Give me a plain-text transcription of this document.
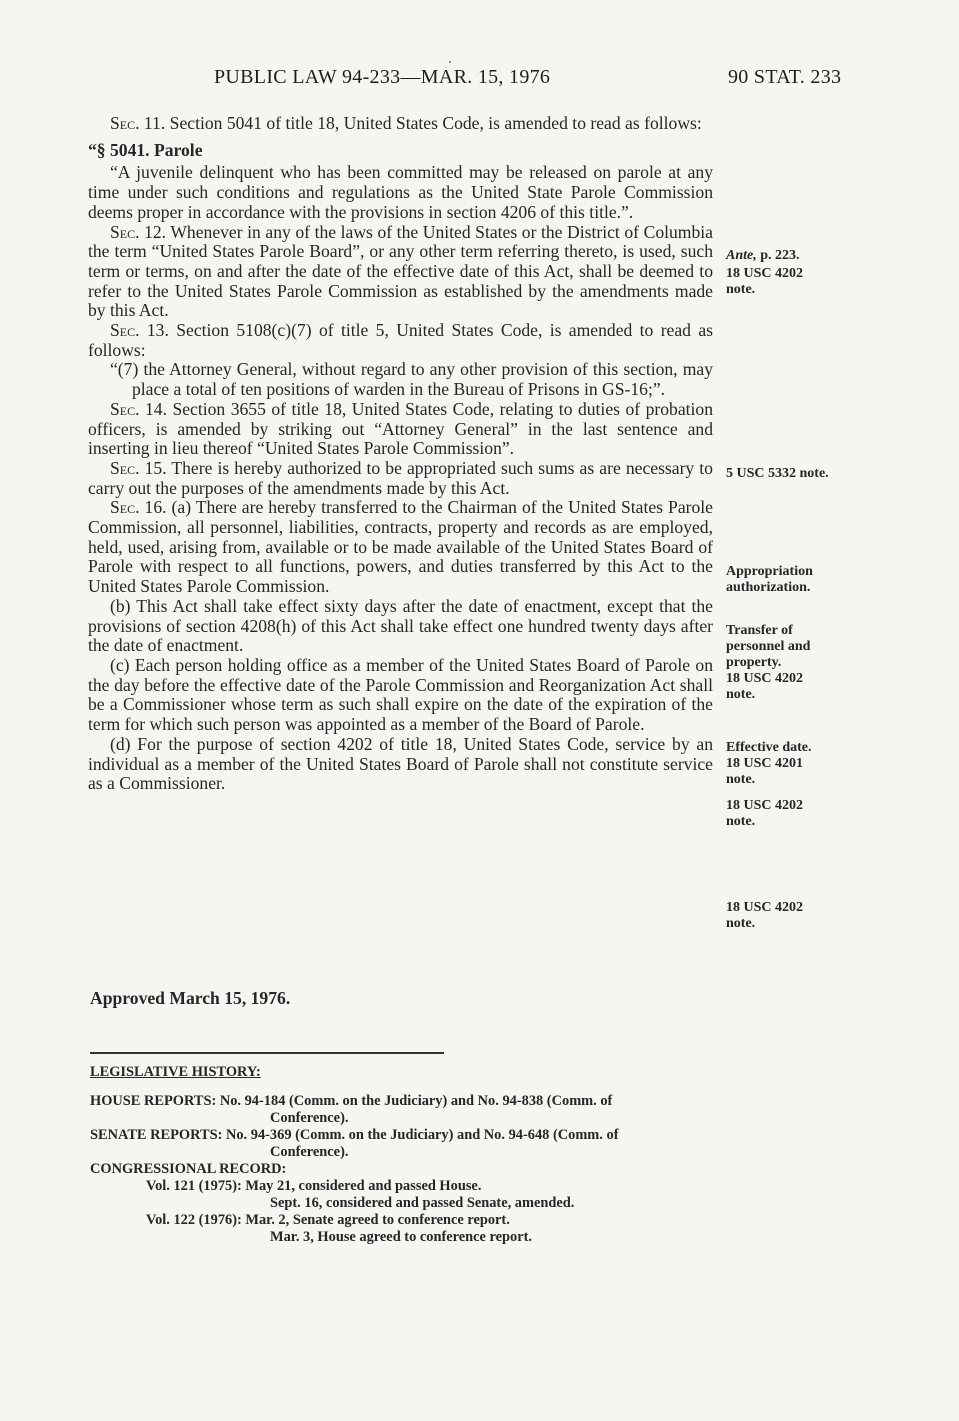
PUBLIC LAW 94-233—MAR. 15, 1976	90 STAT. 233

Sec. 11. Section 5041 of title 18, United States Code, is amended to read as follows:

“§ 5041. Parole

“A juvenile delinquent who has been committed may be released on parole at any time under such conditions and regulations as the United State Parole Commission deems proper in accordance with the provisions in section 4206 of this title.”.

Sec. 12. Whenever in any of the laws of the United States or the District of Columbia the term “United States Parole Board”, or any other term referring thereto, is used, such term or terms, on and after the date of the effective date of this Act, shall be deemed to refer to the United States Parole Commission as established by the amendments made by this Act.

Sec. 13. Section 5108(c)(7) of title 5, United States Code, is amended to read as follows:

“(7) the Attorney General, without regard to any other provision of this section, may place a total of ten positions of warden in the Bureau of Prisons in GS-16;”.

Sec. 14. Section 3655 of title 18, United States Code, relating to duties of probation officers, is amended by striking out “Attorney General” in the last sentence and inserting in lieu thereof “United States Parole Commission”.

Sec. 15. There is hereby authorized to be appropriated such sums as are necessary to carry out the purposes of the amendments made by this Act.

Sec. 16. (a) There are hereby transferred to the Chairman of the United States Parole Commission, all personnel, liabilities, contracts, property and records as are employed, held, used, arising from, available or to be made available of the United States Board of Parole with respect to all functions, powers, and duties transferred by this Act to the United States Parole Commission.

(b) This Act shall take effect sixty days after the date of enactment, except that the provisions of section 4208(h) of this Act shall take effect one hundred twenty days after the date of enactment.

(c) Each person holding office as a member of the United States Board of Parole on the day before the effective date of the Parole Commission and Reorganization Act shall be a Commissioner whose term as such shall expire on the date of the expiration of the term for which such person was appointed as a member of the Board of Parole.

(d) For the purpose of section 4202 of title 18, United States Code, service by an individual as a member of the United States Board of Parole shall not constitute service as a Commissioner.

Ante, p. 223.
18 USC 4202
note.
5 USC 5332 note.
Appropriation
authorization.
Transfer of
personnel and
property.
18 USC 4202
note.
Effective date.
18 USC 4201
note.
18 USC 4202
note.
18 USC 4202
note.
Approved March 15, 1976.
LEGISLATIVE HISTORY:
HOUSE REPORTS: No. 94-184 (Comm. on the Judiciary) and No. 94-838 (Comm. of
Conference).
SENATE REPORTS: No. 94-369 (Comm. on the Judiciary) and No. 94-648 (Comm. of
Conference).
CONGRESSIONAL RECORD:
Vol. 121 (1975): May 21, considered and passed House.
Sept. 16, considered and passed Senate, amended.
Vol. 122 (1976): Mar. 2, Senate agreed to conference report.
Mar. 3, House agreed to conference report.
